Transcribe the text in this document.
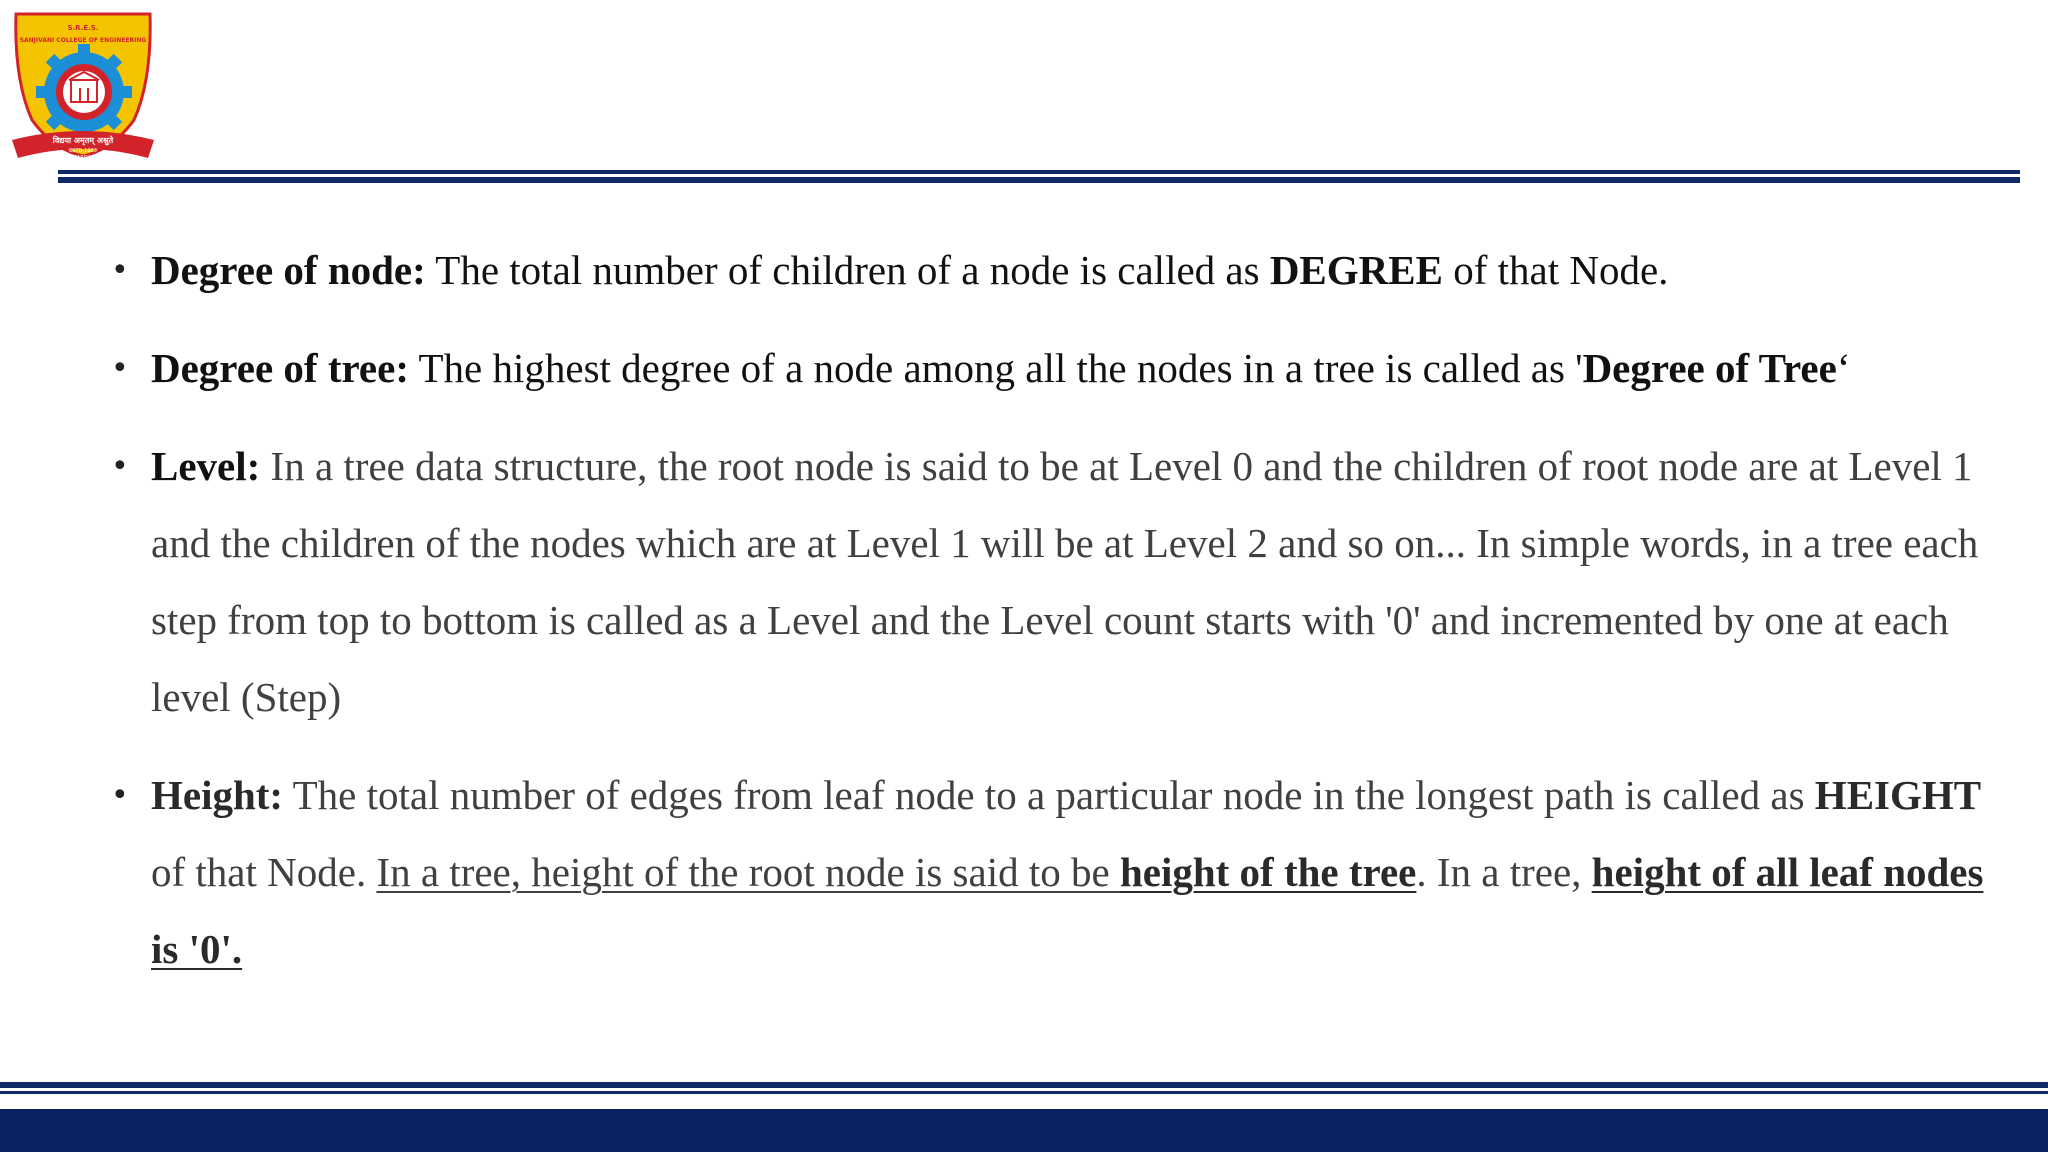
S.R.E.S.
SANJIVANI COLLEGE OF ENGINEERING
विद्यया अमृतम् अश्नुते
ESTD-1983
KOPARGAON
• Degree of node: The total number of children of a node is called as DEGREE of that Node.
• Degree of tree: The highest degree of a node among all the nodes in a tree is called as 'Degree of Tree‘
• Level: In a tree data structure, the root node is said to be at Level 0 and the children of root node are at Level 1 and the children of the nodes which are at Level 1 will be at Level 2 and so on... In simple words, in a tree each step from top to bottom is called as a Level and the Level count starts with '0' and incremented by one at each level (Step)
• Height: The total number of edges from leaf node to a particular node in the longest path is called as HEIGHT of that Node. In a tree, height of the root node is said to be height of the tree. In a tree, height of all leaf nodes is '0'.
